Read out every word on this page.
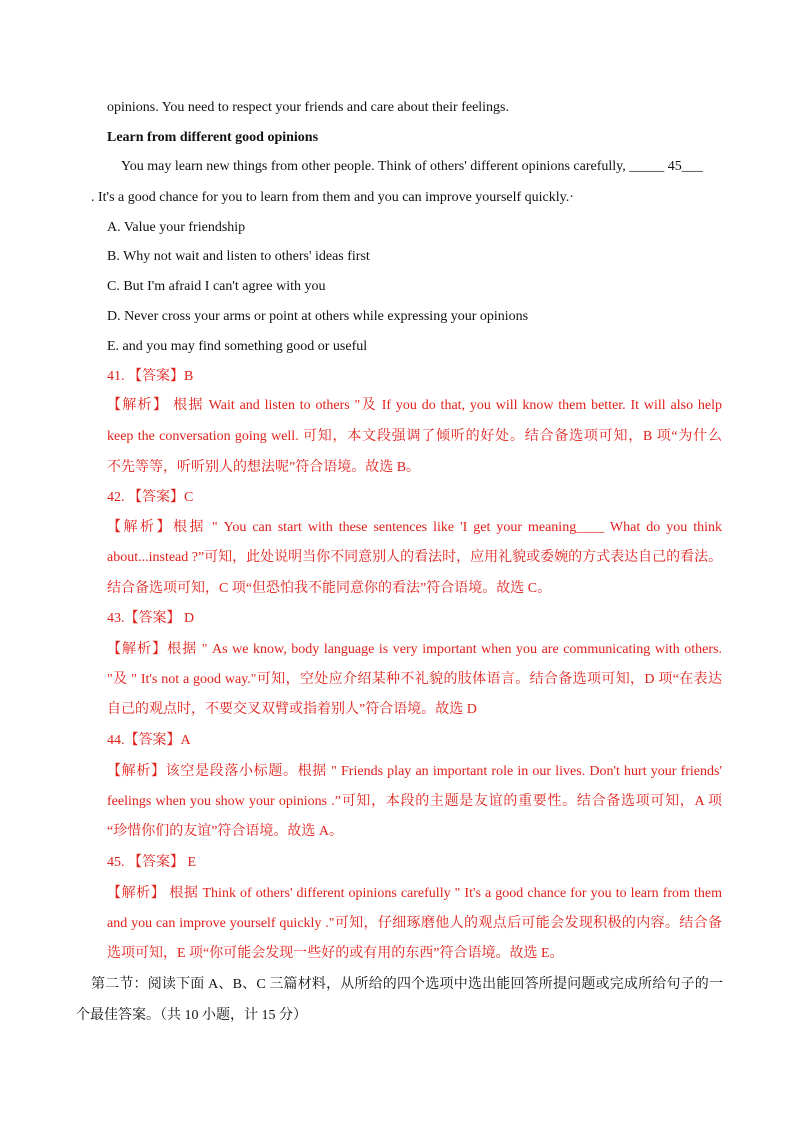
opinions. You need to respect your friends and care about their feelings.
Learn from different good opinions
You may learn new things from other people. Think of others' different opinions carefully, _____ 45___
. It's a good chance for you to learn from them and you can improve yourself quickly.·
A. Value your friendship
B. Why not wait and listen to others' ideas first
C. But I'm afraid I can't agree with you
D. Never cross your arms or point at others while expressing your opinions
E. and you may find something good or useful
41. 【答案】B
【解析】 根据 Wait and listen to others "及 If you do that, you will know them better. It will also help
keep the conversation going well. 可知，本文段强调了倾听的好处。结合备选项可知，B 项“为什么
不先等等，听听别人的想法呢”符合语境。故选 B。
42. 【答案】C
【解析】根据 " You can start with these sentences like 'I get your meaning____ What do you think
about...instead ?”可知，此处说明当你不同意别人的看法时，应用礼貌或委婉的方式表达自己的看法。
结合备选项可知，C 项“但恐怕我不能同意你的看法”符合语境。故选 C。
43.【答案】 D
【解析】根据 " As we know, body language is very important when you are communicating with others.
"及 " It's not a good way."可知，空处应介绍某种不礼貌的肢体语言。结合备选项可知，D 项“在表达
自己的观点时，不要交叉双臂或指着别人”符合语境。故选 D
44.【答案】A
【解析】该空是段落小标题。根据 " Friends play an important role in our lives. Don't hurt your friends'
feelings when you show your opinions .”可知，本段的主题是友谊的重要性。结合备选项可知，A 项
“珍惜你们的友谊”符合语境。故选 A。
45. 【答案】 E
【解析】 根据 Think of others' different opinions carefully " It's a good chance for you to learn from them
and you can improve yourself quickly ."可知，仔细琢磨他人的观点后可能会发现积极的内容。结合备
选项可知，E 项“你可能会发现一些好的或有用的东西”符合语境。故选 E。
第二节：阅读下面 A、B、C 三篇材料，从所给的四个选项中选出能回答所提问题或完成所给句子的一
个最佳答案。（共 10 小题，计 15 分）
